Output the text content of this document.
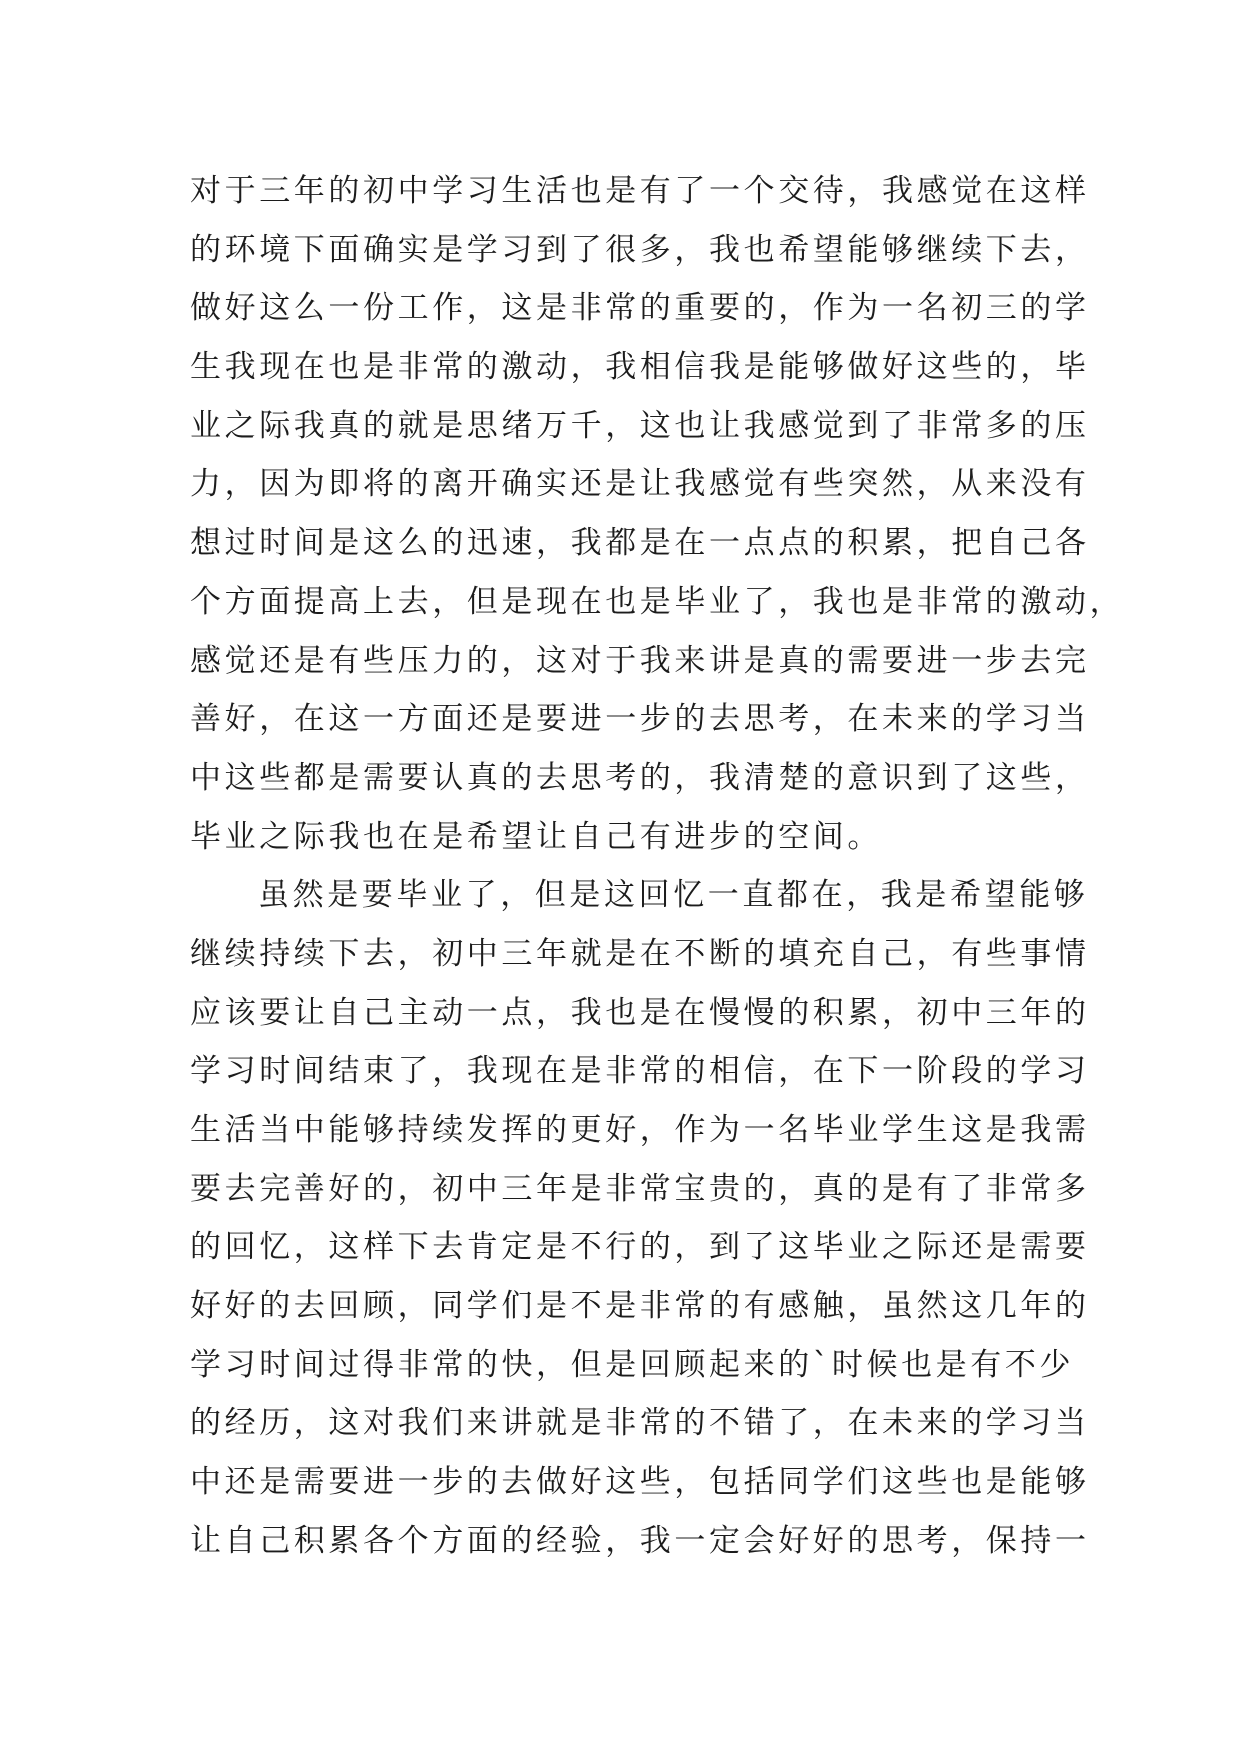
对于三年的初中学习生活也是有了一个交待，我感觉在这样
的环境下面确实是学习到了很多，我也希望能够继续下去，
做好这么一份工作，这是非常的重要的，作为一名初三的学
生我现在也是非常的激动，我相信我是能够做好这些的，毕
业之际我真的就是思绪万千，这也让我感觉到了非常多的压
力，因为即将的离开确实还是让我感觉有些突然，从来没有
想过时间是这么的迅速，我都是在一点点的积累，把自己各
个方面提高上去，但是现在也是毕业了，我也是非常的激动，
感觉还是有些压力的，这对于我来讲是真的需要进一步去完
善好，在这一方面还是要进一步的去思考，在未来的学习当
中这些都是需要认真的去思考的，我清楚的意识到了这些，
毕业之际我也在是希望让自己有进步的空间。
虽然是要毕业了，但是这回忆一直都在，我是希望能够
继续持续下去，初中三年就是在不断的填充自己，有些事情
应该要让自己主动一点，我也是在慢慢的积累，初中三年的
学习时间结束了，我现在是非常的相信，在下一阶段的学习
生活当中能够持续发挥的更好，作为一名毕业学生这是我需
要去完善好的，初中三年是非常宝贵的，真的是有了非常多
的回忆，这样下去肯定是不行的，到了这毕业之际还是需要
好好的去回顾，同学们是不是非常的有感触，虽然这几年的
学习时间过得非常的快，但是回顾起来的`时候也是有不少
的经历，这对我们来讲就是非常的不错了，在未来的学习当
中还是需要进一步的去做好这些，包括同学们这些也是能够
让自己积累各个方面的经验，我一定会好好的思考，保持一
